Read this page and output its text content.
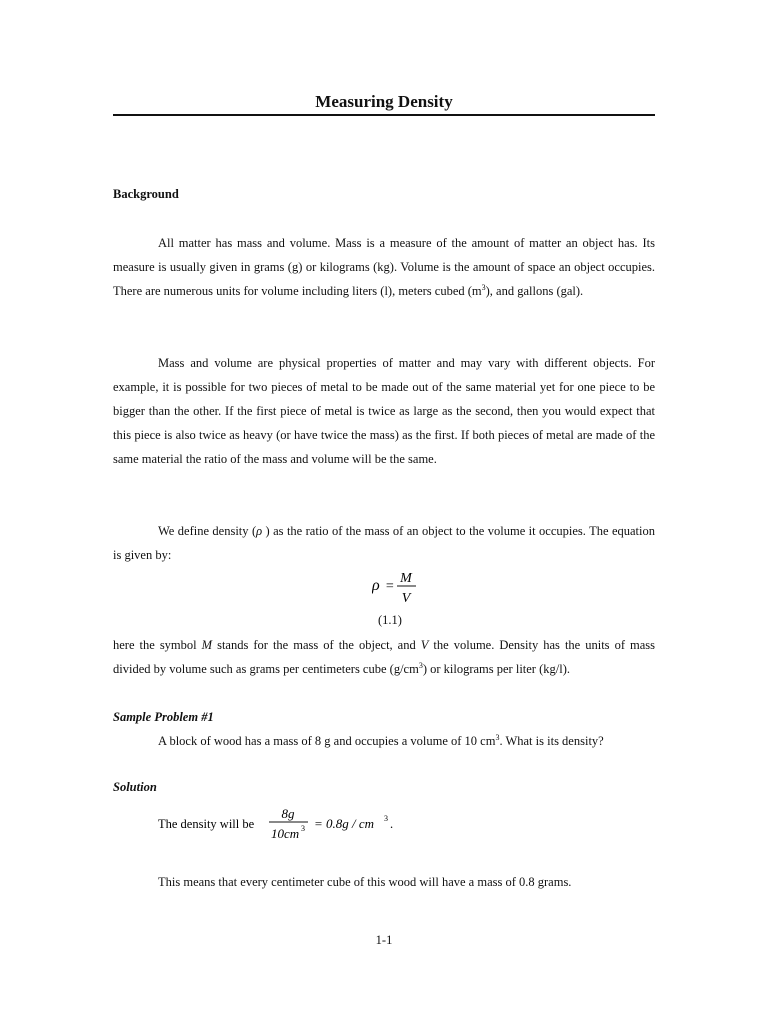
Measuring Density
Background

All matter has mass and volume. Mass is a measure of the amount of matter an object has. Its measure is usually given in grams (g) or kilograms (kg). Volume is the amount of space an object occupies. There are numerous units for volume including liters (l), meters cubed $(m^3)$, and gallons (gal).

Mass and volume are physical properties of matter and may vary with different objects. For example, it is possible for two pieces of metal to be made out of the same material yet for one piece to be bigger than the other. If the first piece of metal is twice as large as the second, then you would expect that this piece is also twice as heavy (or have twice the mass) as the first. If both pieces of metal are made of the same material the ratio of the mass and volume will be the same.

We define density (ρ ) as the ratio of the mass of an object to the volume it occupies. The equation is given by:

ρ =
M
V
(1.1)

here the symbol M stands for the mass of the object, and V the volume. Density has the units of mass divided by volume such as grams per centimeters cube $(g/cm^3)$ or kilograms per liter (kg/l).

Sample Problem #1

A block of wood has a mass of 8 g and occupies a volume of 10 $cm^3$. What is its density?

Solution
The density will be
8g
10cm 3 = 0.8g / cm 3 .

This means that every centimeter cube of this wood will have a mass of 0.8 grams.

1-1
